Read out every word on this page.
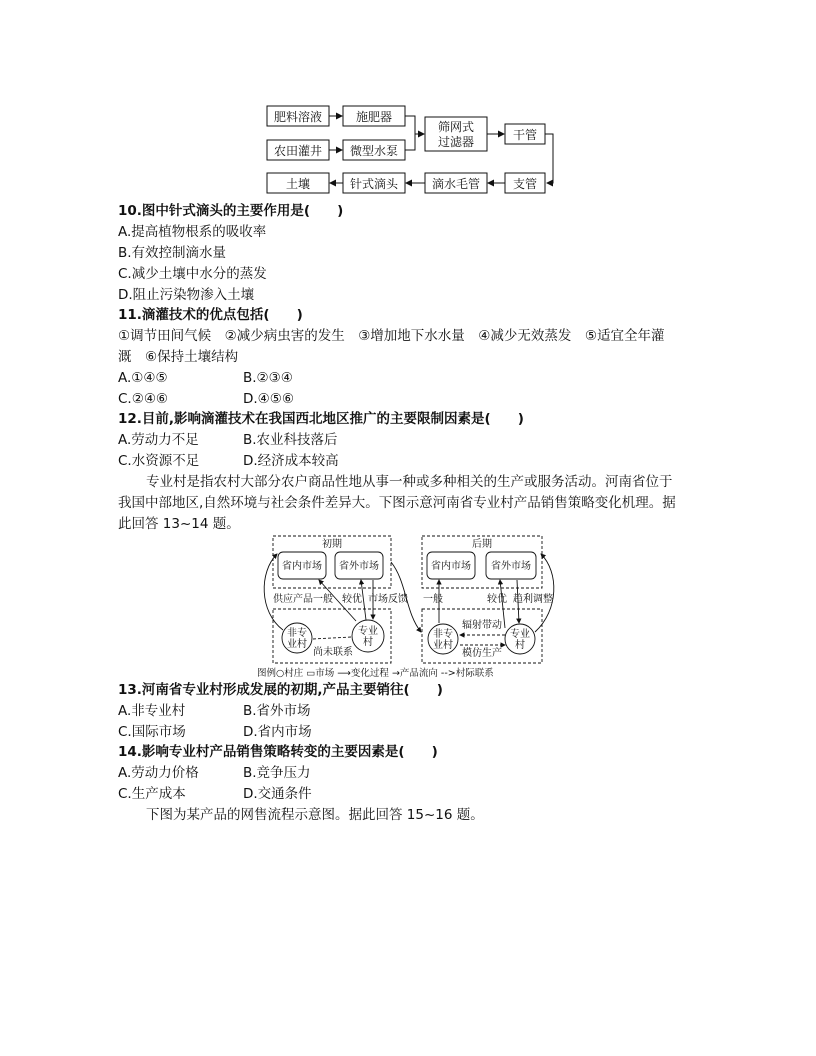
肥料溶液	施肥器
农田灌井 微型水泵
筛网式
过滤器	干管
支管
滴水毛管
针式滴头
土壤
10.图中针式滴头的主要作用是(　　)
A.提高植物根系的吸收率
B.有效控制滴水量
C.减少土壤中水分的蒸发
D.阻止污染物渗入土壤
11.滴灌技术的优点包括(　　)
①调节田间气候　②减少病虫害的发生　③增加地下水水量　④减少无效蒸发　⑤适宜全年灌
溉　⑥保持土壤结构
A.①④⑤	B.②③④
C.②④⑥	D.④⑤⑥
12.目前,影响滴灌技术在我国西北地区推广的主要限制因素是(　　)
A.劳动力不足	B.农业科技落后
C.水资源不足	D.经济成本较高
专业村是指农村大部分农户商品性地从事一种或多种相关的生产或服务活动。河南省位于
我国中部地区,自然环境与社会条件差异大。下图示意河南省专业村产品销售策略变化机理。据
此回答 13~14 题。
初期	后期
省内市场 省外市场	省内市场 省外市场
供应产品一般 较优 市场反馈 一般	较优 趋利调整
辐射带动
模仿生产
尚未联系
非专
业村
专业
村
非专
业村
专业
村
图例○村庄 ▭市场 ⟶变化过程 →产品流向 -->村际联系
13.河南省专业村形成发展的初期,产品主要销往(　　)
A.非专业村	B.省外市场
C.国际市场	D.省内市场
14.影响专业村产品销售策略转变的主要因素是(　　)
A.劳动力价格	B.竞争压力
C.生产成本	D.交通条件
下图为某产品的网售流程示意图。据此回答 15~16 题。
